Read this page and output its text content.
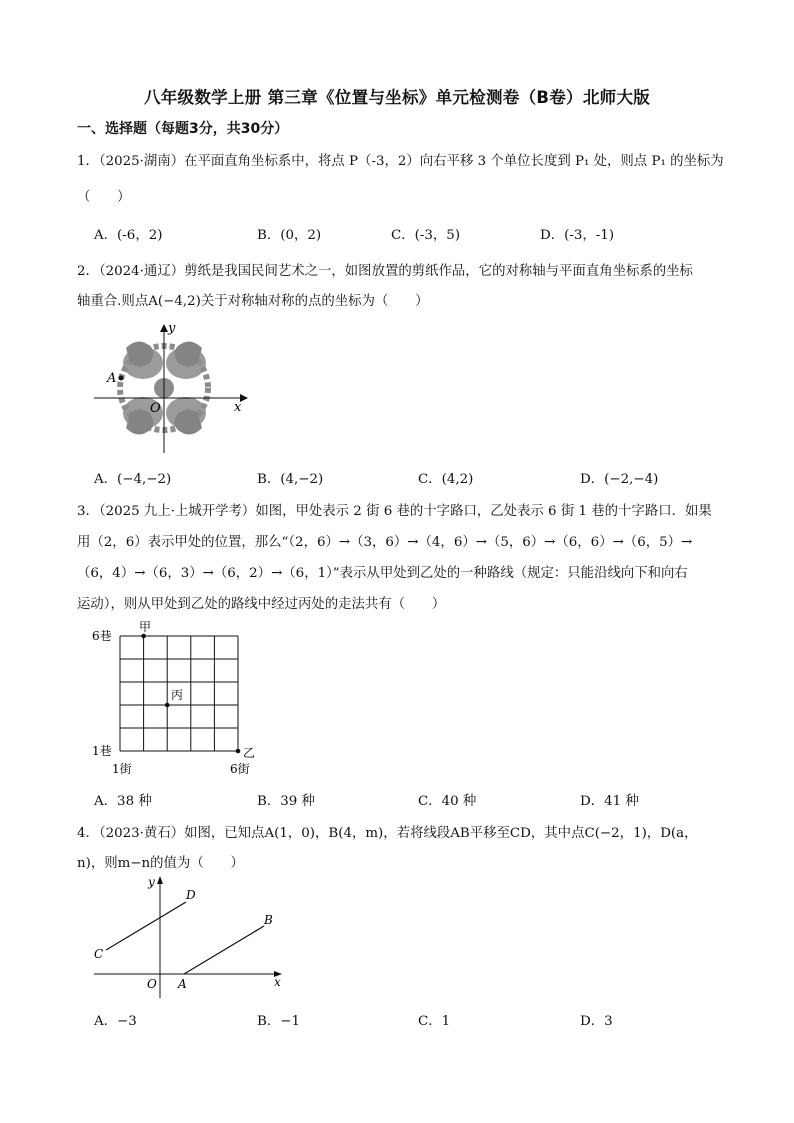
八年级数学上册 第三章《位置与坐标》单元检测卷（B卷）北师大版
一、选择题（每题3分，共30分）
1．（2025·湖南）在平面直角坐标系中，将点 P（-3，2）向右平移 3 个单位长度到 P₁ 处，则点 P₁ 的坐标为
（　　）
A．(-6，2)	B．(0，2)	C．(-3，5)	D．(-3，-1)
2．（2024·通辽）剪纸是我国民间艺术之一，如图放置的剪纸作品，它的对称轴与平面直角坐标系的坐标
轴重合.则点A(−4,2)关于对称轴对称的点的坐标为（　　）
A
y
x
O
A．(−4,−2)	B．(4,−2)	C．(4,2)	D．(−2,−4)
3．（2025 九上·上城开学考）如图，甲处表示 2 街 6 巷的十字路口，乙处表示 6 街 1 巷的十字路口．如果
用（2，6）表示甲处的位置，那么“（2，6）→（3，6）→（4，6）→（5，6）→（6，6）→（6，5）→
（6，4）→（6，3）→（6，2）→（6，1）”表示从甲处到乙处的一种路线（规定：只能沿线向下和向右
运动），则从甲处到乙处的路线中经过丙处的走法共有（　　）
甲
乙
丙
6巷
1巷
1街	6街
A．38 种	B．39 种	C．40 种	D．41 种
4．（2023·黄石）如图，已知点A(1，0)，B(4，m)，若将线段AB平移至CD，其中点C(−2，1)，D(a，
n)，则m−n的值为（　　）
y
x
O A
B
C
D
A．−3	B．−1	C．1	D．3
